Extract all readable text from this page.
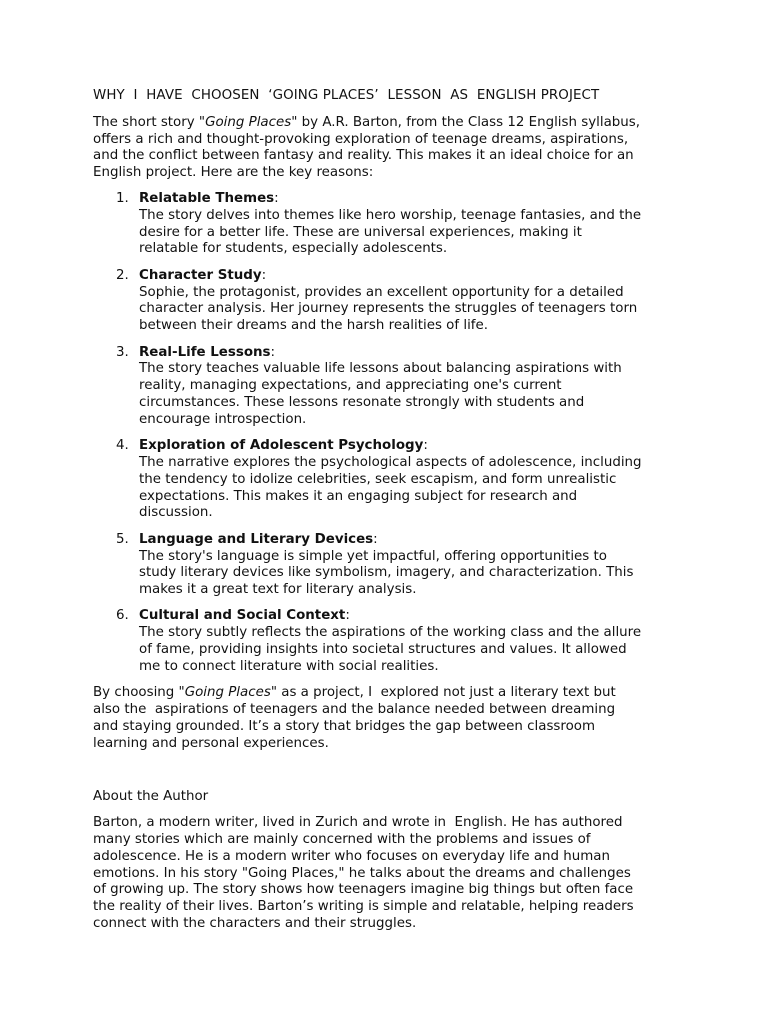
WHY  I  HAVE  CHOOSEN  ‘GOING PLACES’  LESSON  AS  ENGLISH PROJECT

The short story "Going Places" by A.R. Barton, from the Class 12 English syllabus,
offers a rich and thought-provoking exploration of teenage dreams, aspirations,
and the conflict between fantasy and reality. This makes it an ideal choice for an
English project. Here are the key reasons:

1. Relatable Themes:
The story delves into themes like hero worship, teenage fantasies, and the
desire for a better life. These are universal experiences, making it
relatable for students, especially adolescents.
2. Character Study:
Sophie, the protagonist, provides an excellent opportunity for a detailed
character analysis. Her journey represents the struggles of teenagers torn
between their dreams and the harsh realities of life.
3. Real-Life Lessons:
The story teaches valuable life lessons about balancing aspirations with
reality, managing expectations, and appreciating one's current
circumstances. These lessons resonate strongly with students and
encourage introspection.
4. Exploration of Adolescent Psychology:
The narrative explores the psychological aspects of adolescence, including
the tendency to idolize celebrities, seek escapism, and form unrealistic
expectations. This makes it an engaging subject for research and
discussion.
5. Language and Literary Devices:
The story's language is simple yet impactful, offering opportunities to
study literary devices like symbolism, imagery, and characterization. This
makes it a great text for literary analysis.
6. Cultural and Social Context:
The story subtly reflects the aspirations of the working class and the allure
of fame, providing insights into societal structures and values. It allowed
me to connect literature with social realities.

By choosing "Going Places" as a project, I  explored not just a literary text but
also the  aspirations of teenagers and the balance needed between dreaming
and staying grounded. It’s a story that bridges the gap between classroom
learning and personal experiences.

About the Author

Barton, a modern writer, lived in Zurich and wrote in  English. He has authored
many stories which are mainly concerned with the problems and issues of
adolescence. He is a modern writer who focuses on everyday life and human
emotions. In his story "Going Places," he talks about the dreams and challenges
of growing up. The story shows how teenagers imagine big things but often face
the reality of their lives. Barton’s writing is simple and relatable, helping readers
connect with the characters and their struggles.
